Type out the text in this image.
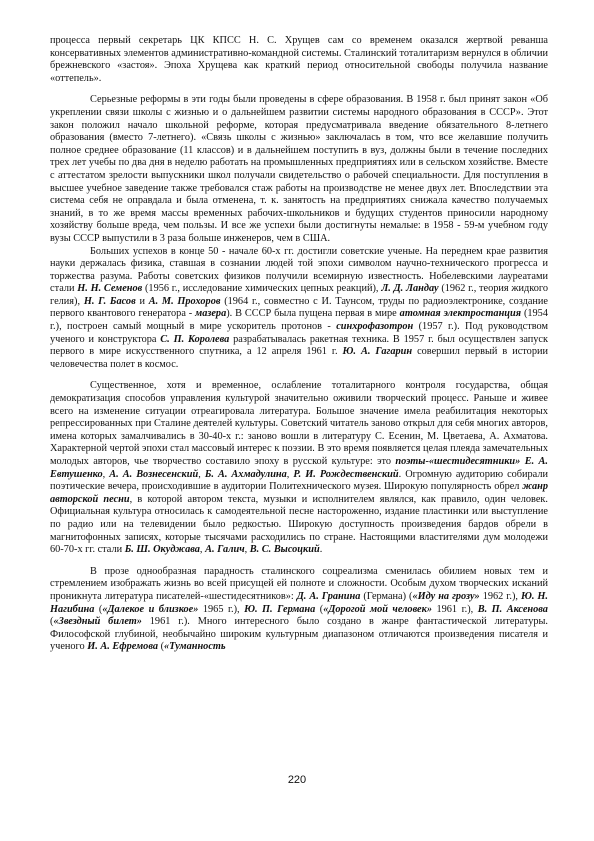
процесса первый секретарь ЦК КПСС Н. С. Хрущев сам со временем оказался жертвой реванша консервативных элементов административно-командной системы. Сталинский тоталитаризм вернулся в обличии брежневского «застоя». Эпоха Хрущева как краткий период относительной свободы получила название «оттепель».

Серьезные реформы в эти годы были проведены в сфере образования. В 1958 г. был принят закон «Об укреплении связи школы с жизнью и о дальнейшем развитии системы народного образования в СССР». Этот закон положил начало школьной реформе, которая предусматривала введение обязательного 8-летнего образования (вместо 7-летнего). «Связь школы с жизнью» заключалась в том, что все желавшие получить полное среднее образование (11 классов) и в дальнейшем поступить в вуз, должны были в течение последних трех лет учебы по два дня в неделю работать на промышленных предприятиях или в сельском хозяйстве. Вместе с аттестатом зрелости выпускники школ получали свидетельство о рабочей специальности. Для поступления в высшее учебное заведение также требовался стаж работы на производстве не менее двух лет. Впоследствии эта система себя не оправдала и была отменена, т. к. занятость на предприятиях снижала качество получаемых знаний, в то же время массы временных рабочих-школьников и будущих студентов приносили народному хозяйству больше вреда, чем пользы. И все же успехи были достигнуты немалые: в 1958 - 59-м учебном году вузы СССР выпустили в 3 раза больше инженеров, чем в США.

Больших успехов в конце 50 - начале 60-х гг. достигли советские ученые. На переднем крае развития науки держалась физика, ставшая в сознании людей той эпохи символом научно-технического прогресса и торжества разума. Работы советских физиков получили всемирную известность. Нобелевскими лауреатами стали Н. Н. Семенов (1956 г., исследование химических цепных реакций), Л. Д. Ландау (1962 г., теория жидкого гелия), Н. Г. Басов и А. М. Прохоров (1964 г., совместно с И. Таунсом, труды по радиоэлектронике, создание первого квантового генератора - мазера). В СССР была пущена первая в мире атомная электростанция (1954 г.), построен самый мощный в мире ускоритель протонов - синхрофазотрон (1957 г.). Под руководством ученого и конструктора С. П. Королева разрабатывалась ракетная техника. В 1957 г. был осуществлен запуск первого в мире искусственного спутника, а 12 апреля 1961 г. Ю. А. Гагарин совершил первый в истории человечества полет в космос.

Существенное, хотя и временное, ослабление тоталитарного контроля государства, общая демократизация способов управления культурой значительно оживили творческий процесс. Раньше и живее всего на изменение ситуации отреагировала литература. Большое значение имела реабилитация некоторых репрессированных при Сталине деятелей культуры. Советский читатель заново открыл для себя многих авторов, имена которых замалчивались в 30-40-х г.: заново вошли в литературу С. Есенин, М. Цветаева, А. Ахматова. Характерной чертой эпохи стал массовый интерес к поэзии. В это время появляется целая плеяда замечательных молодых авторов, чье творчество составило эпоху в русской культуре: это поэты-«шестидесятники» Е. А. Евтушенко, А. А. Вознесенский, Б. А. Ахмадулина, Р. И. Рождественский. Огромную аудиторию собирали поэтические вечера, происходившие в аудитории Политехнического музея. Широкую популярность обрел жанр авторской песни, в которой автором текста, музыки и исполнителем являлся, как правило, один человек. Официальная культура относилась к самодеятельной песне настороженно, издание пластинки или выступление по радио или на телевидении было редкостью. Широкую доступность произведения бардов обрели в магнитофонных записях, которые тысячами расходились по стране. Настоящими властителями дум молодежи 60-70-х гг. стали Б. Ш. Окуджава, А. Галич, В. С. Высоцкий.

В прозе однообразная парадность сталинского соцреализма сменилась обилием новых тем и стремлением изображать жизнь во всей присущей ей полноте и сложности. Особым духом творческих исканий проникнута литература писателей-«шестидесятников»: Д. А. Гранина (Германа) («Иду на грозу» 1962 г.), Ю. Н. Нагибина («Далекое и близкое» 1965 г.), Ю. П. Германа («Дорогой мой человек» 1961 г.), В. П. Аксенова («Звездный билет» 1961 г.). Много интересного было создано в жанре фантастической литературы. Философской глубиной, необычайно широким культурным диапазоном отличаются произведения писателя и ученого И. А. Ефремова («Туманность

220
